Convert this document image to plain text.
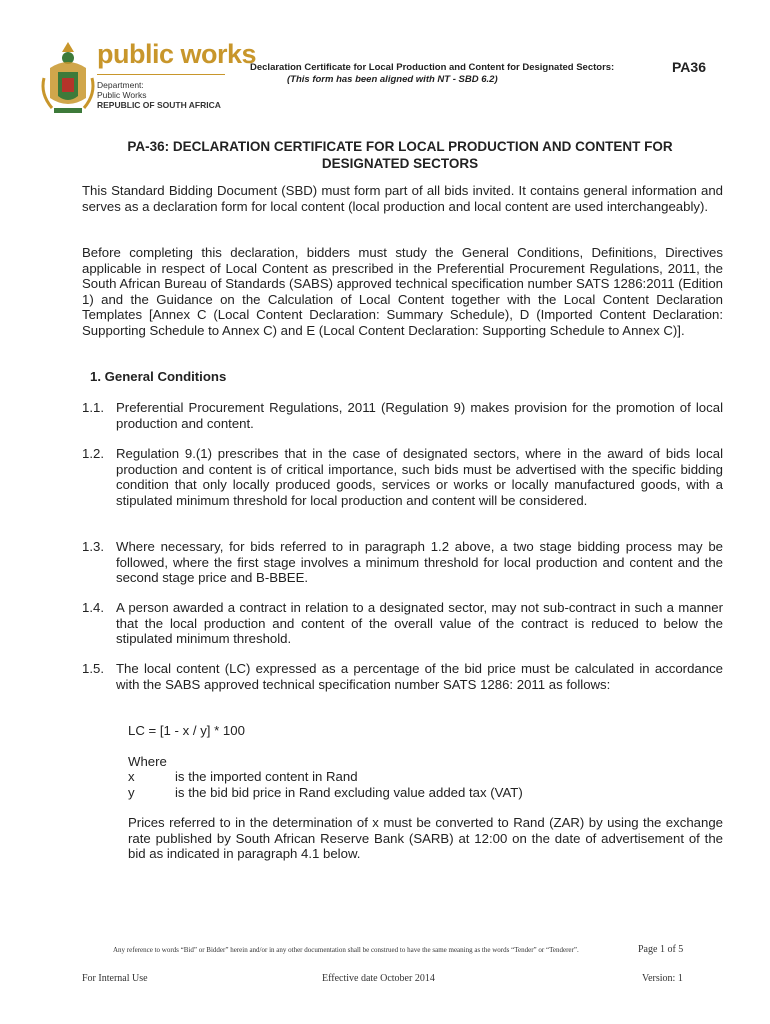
public works
Department:
Public Works
REPUBLIC OF SOUTH AFRICA
Declaration Certificate for Local Production and Content for Designated Sectors:
(This form has been aligned with NT - SBD 6.2)
PA36
PA-36: DECLARATION CERTIFICATE FOR LOCAL PRODUCTION AND CONTENT FOR
DESIGNATED SECTORS
This Standard Bidding Document (SBD) must form part of all bids invited. It contains general information and serves as a declaration form for local content (local production and local content are used interchangeably).
Before completing this declaration, bidders must study the General Conditions, Definitions, Directives applicable in respect of Local Content as prescribed in the Preferential Procurement Regulations, 2011, the South African Bureau of Standards (SABS) approved technical specification number SATS 1286:2011 (Edition 1) and the Guidance on the Calculation of Local Content together with the Local Content Declaration Templates [Annex C (Local Content Declaration: Summary Schedule), D (Imported Content Declaration: Supporting Schedule to Annex C) and E (Local Content Declaration: Supporting Schedule to Annex C)].
1. General Conditions
1.1. Preferential Procurement Regulations, 2011 (Regulation 9) makes provision for the promotion of local production and content.
1.2. Regulation 9.(1) prescribes that in the case of designated sectors, where in the award of bids local production and content is of critical importance, such bids must be advertised with the specific bidding condition that only locally produced goods, services or works or locally manufactured goods, with a stipulated minimum threshold for local production and content will be considered.
1.3. Where necessary, for bids referred to in paragraph 1.2 above, a two stage bidding process may be followed, where the first stage involves a minimum threshold for local production and content and the second stage price and B-BBEE.
1.4. A person awarded a contract in relation to a designated sector, may not sub-contract in such a manner that the local production and content of the overall value of the contract is reduced to below the stipulated minimum threshold.
1.5. The local content (LC) expressed as a percentage of the bid price must be calculated in accordance with the SABS approved technical specification number SATS 1286: 2011 as follows:
LC = [1 - x / y] * 100
Where
x	is the imported content in Rand
y	is the bid bid price in Rand excluding value added tax (VAT)
Prices referred to in the determination of x must be converted to Rand (ZAR) by using the exchange rate published by South African Reserve Bank (SARB) at 12:00 on the date of advertisement of the bid as indicated in paragraph 4.1 below.
Any reference to words “Bid” or Bidder” herein and/or in any other documentation shall be construed to have the same meaning as the words “Tender” or “Tenderer”.	Page 1 of 5
For Internal Use	Effective date October 2014	Version: 1
